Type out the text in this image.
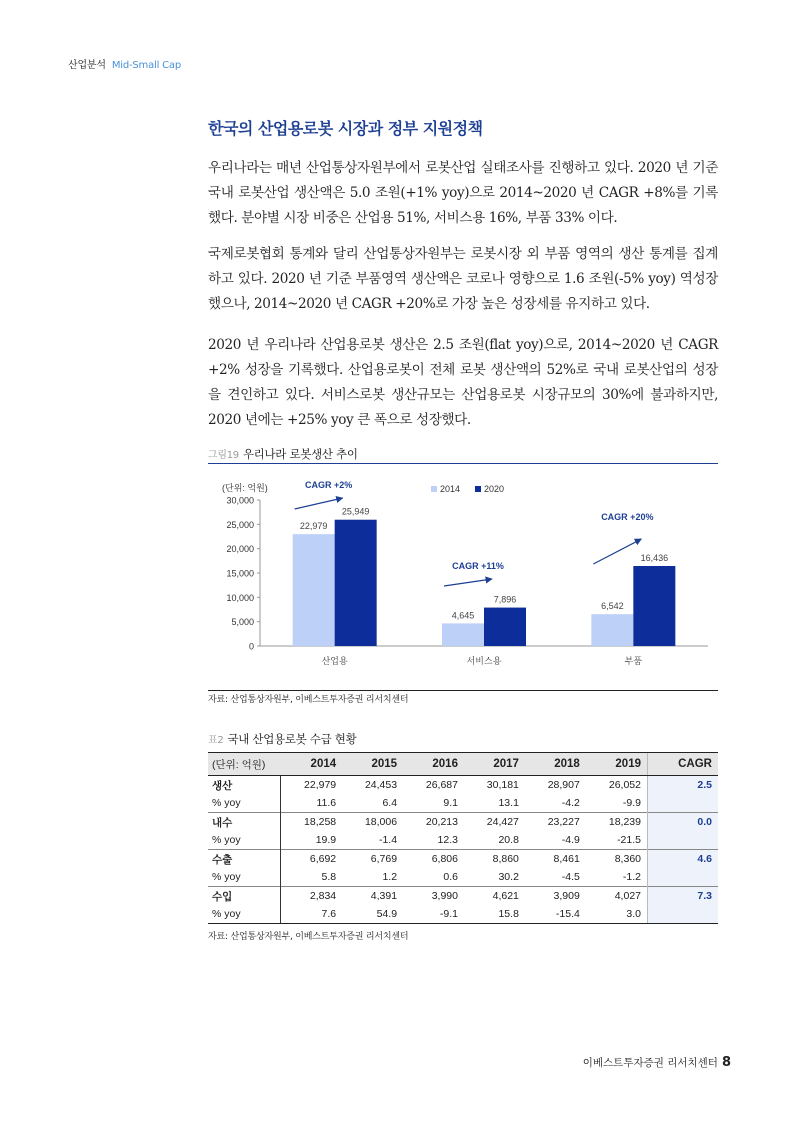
산업분석 Mid-Small Cap
한국의 산업용로봇 시장과 정부 지원정책

우리나라는 매년 산업통상자원부에서 로봇산업 실태조사를 진행하고 있다. 2020 년 기준 국내 로봇산업 생산액은 5.0 조원(+1% yoy)으로 2014~2020 년 CAGR +8%를 기록했다. 분야별 시장 비중은 산업용 51%, 서비스용 16%, 부품 33% 이다.

국제로봇협회 통계와 달리 산업통상자원부는 로봇시장 외 부품 영역의 생산 통계를 집계하고 있다. 2020 년 기준 부품영역 생산액은 코로나 영향으로 1.6 조원(-5% yoy) 역성장 했으나, 2014~2020 년 CAGR +20%로 가장 높은 성장세를 유지하고 있다.

2020 년 우리나라 산업용로봇 생산은 2.5 조원(flat yoy)으로, 2014~2020 년 CAGR +2% 성장을 기록했다. 산업용로봇이 전체 로봇 생산액의 52%로 국내 로봇산업의 성장을 견인하고 있다. 서비스로봇 생산규모는 산업용로봇 시장규모의 30%에 불과하지만, 2020 년에는 +25% yoy 큰 폭으로 성장했다.

그림19 우리나라 로봇생산 추이
0
5,000
10,000
15,000
20,000
25,000
30,000
(단위: 억원)	2014	2020
22,979
25,949
산업용
4,645
7,896
서비스용
6,542
16,436
부품
CAGR +2%
CAGR +11%
CAGR +20%
자료: 산업통상자원부, 이베스트투자증권 리서치센터
표2 국내 산업용로봇 수급 현황
(단위: 억원)	2014	2015	2016	2017	2018	2019	CAGR
생산	22,979	24,453	26,687	30,181	28,907	26,052	2.5
% yoy	11.6	6.4	9.1	13.1	-4.2	-9.9	
내수	18,258	18,006	20,213	24,427	23,227	18,239	0.0
% yoy	19.9	-1.4	12.3	20.8	-4.9	-21.5	
수출	6,692	6,769	6,806	8,860	8,461	8,360	4.6
% yoy	5.8	1.2	0.6	30.2	-4.5	-1.2	
수입	2,834	4,391	3,990	4,621	3,909	4,027	7.3
% yoy	7.6	54.9	-9.1	15.8	-15.4	3.0	
자료: 산업통상자원부, 이베스트투자증권 리서치센터
이베스트투자증권 리서치센터 8
